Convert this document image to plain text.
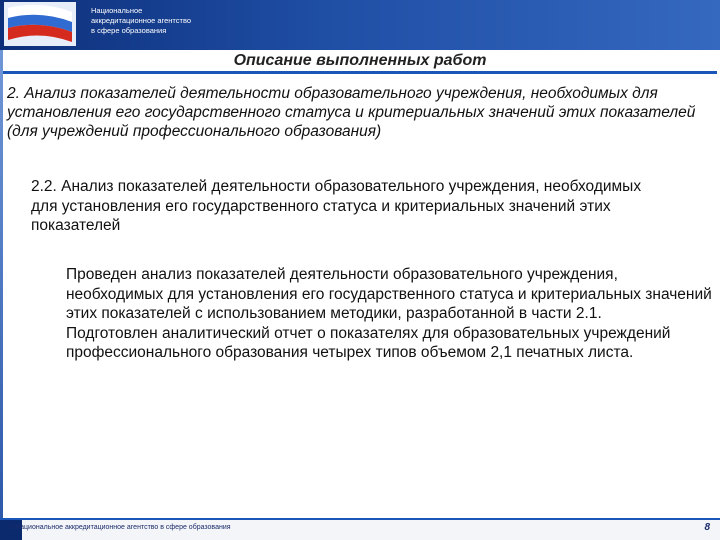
Национальное
аккредитационное агентство
в сфере образования
Описание выполненных работ
2. Анализ показателей деятельности образовательного учреждения, необходимых для установления его государственного статуса и критериальных значений этих показателей (для учреждений профессионального образования)
2.2. Анализ показателей деятельности образовательного учреждения, необходимых для установления его государственного статуса и критериальных значений этих показателей

Проведен анализ показателей деятельности образовательного учреждения, необходимых для установления его государственного статуса и критериальных значений этих показателей с использованием методики, разработанной в части 2.1.

Подготовлен аналитический отчет о показателях для образовательных учреждений профессионального образования четырех типов объемом 2,1 печатных листа.

© Национальное аккредитационное агентство в сфере образования	8
